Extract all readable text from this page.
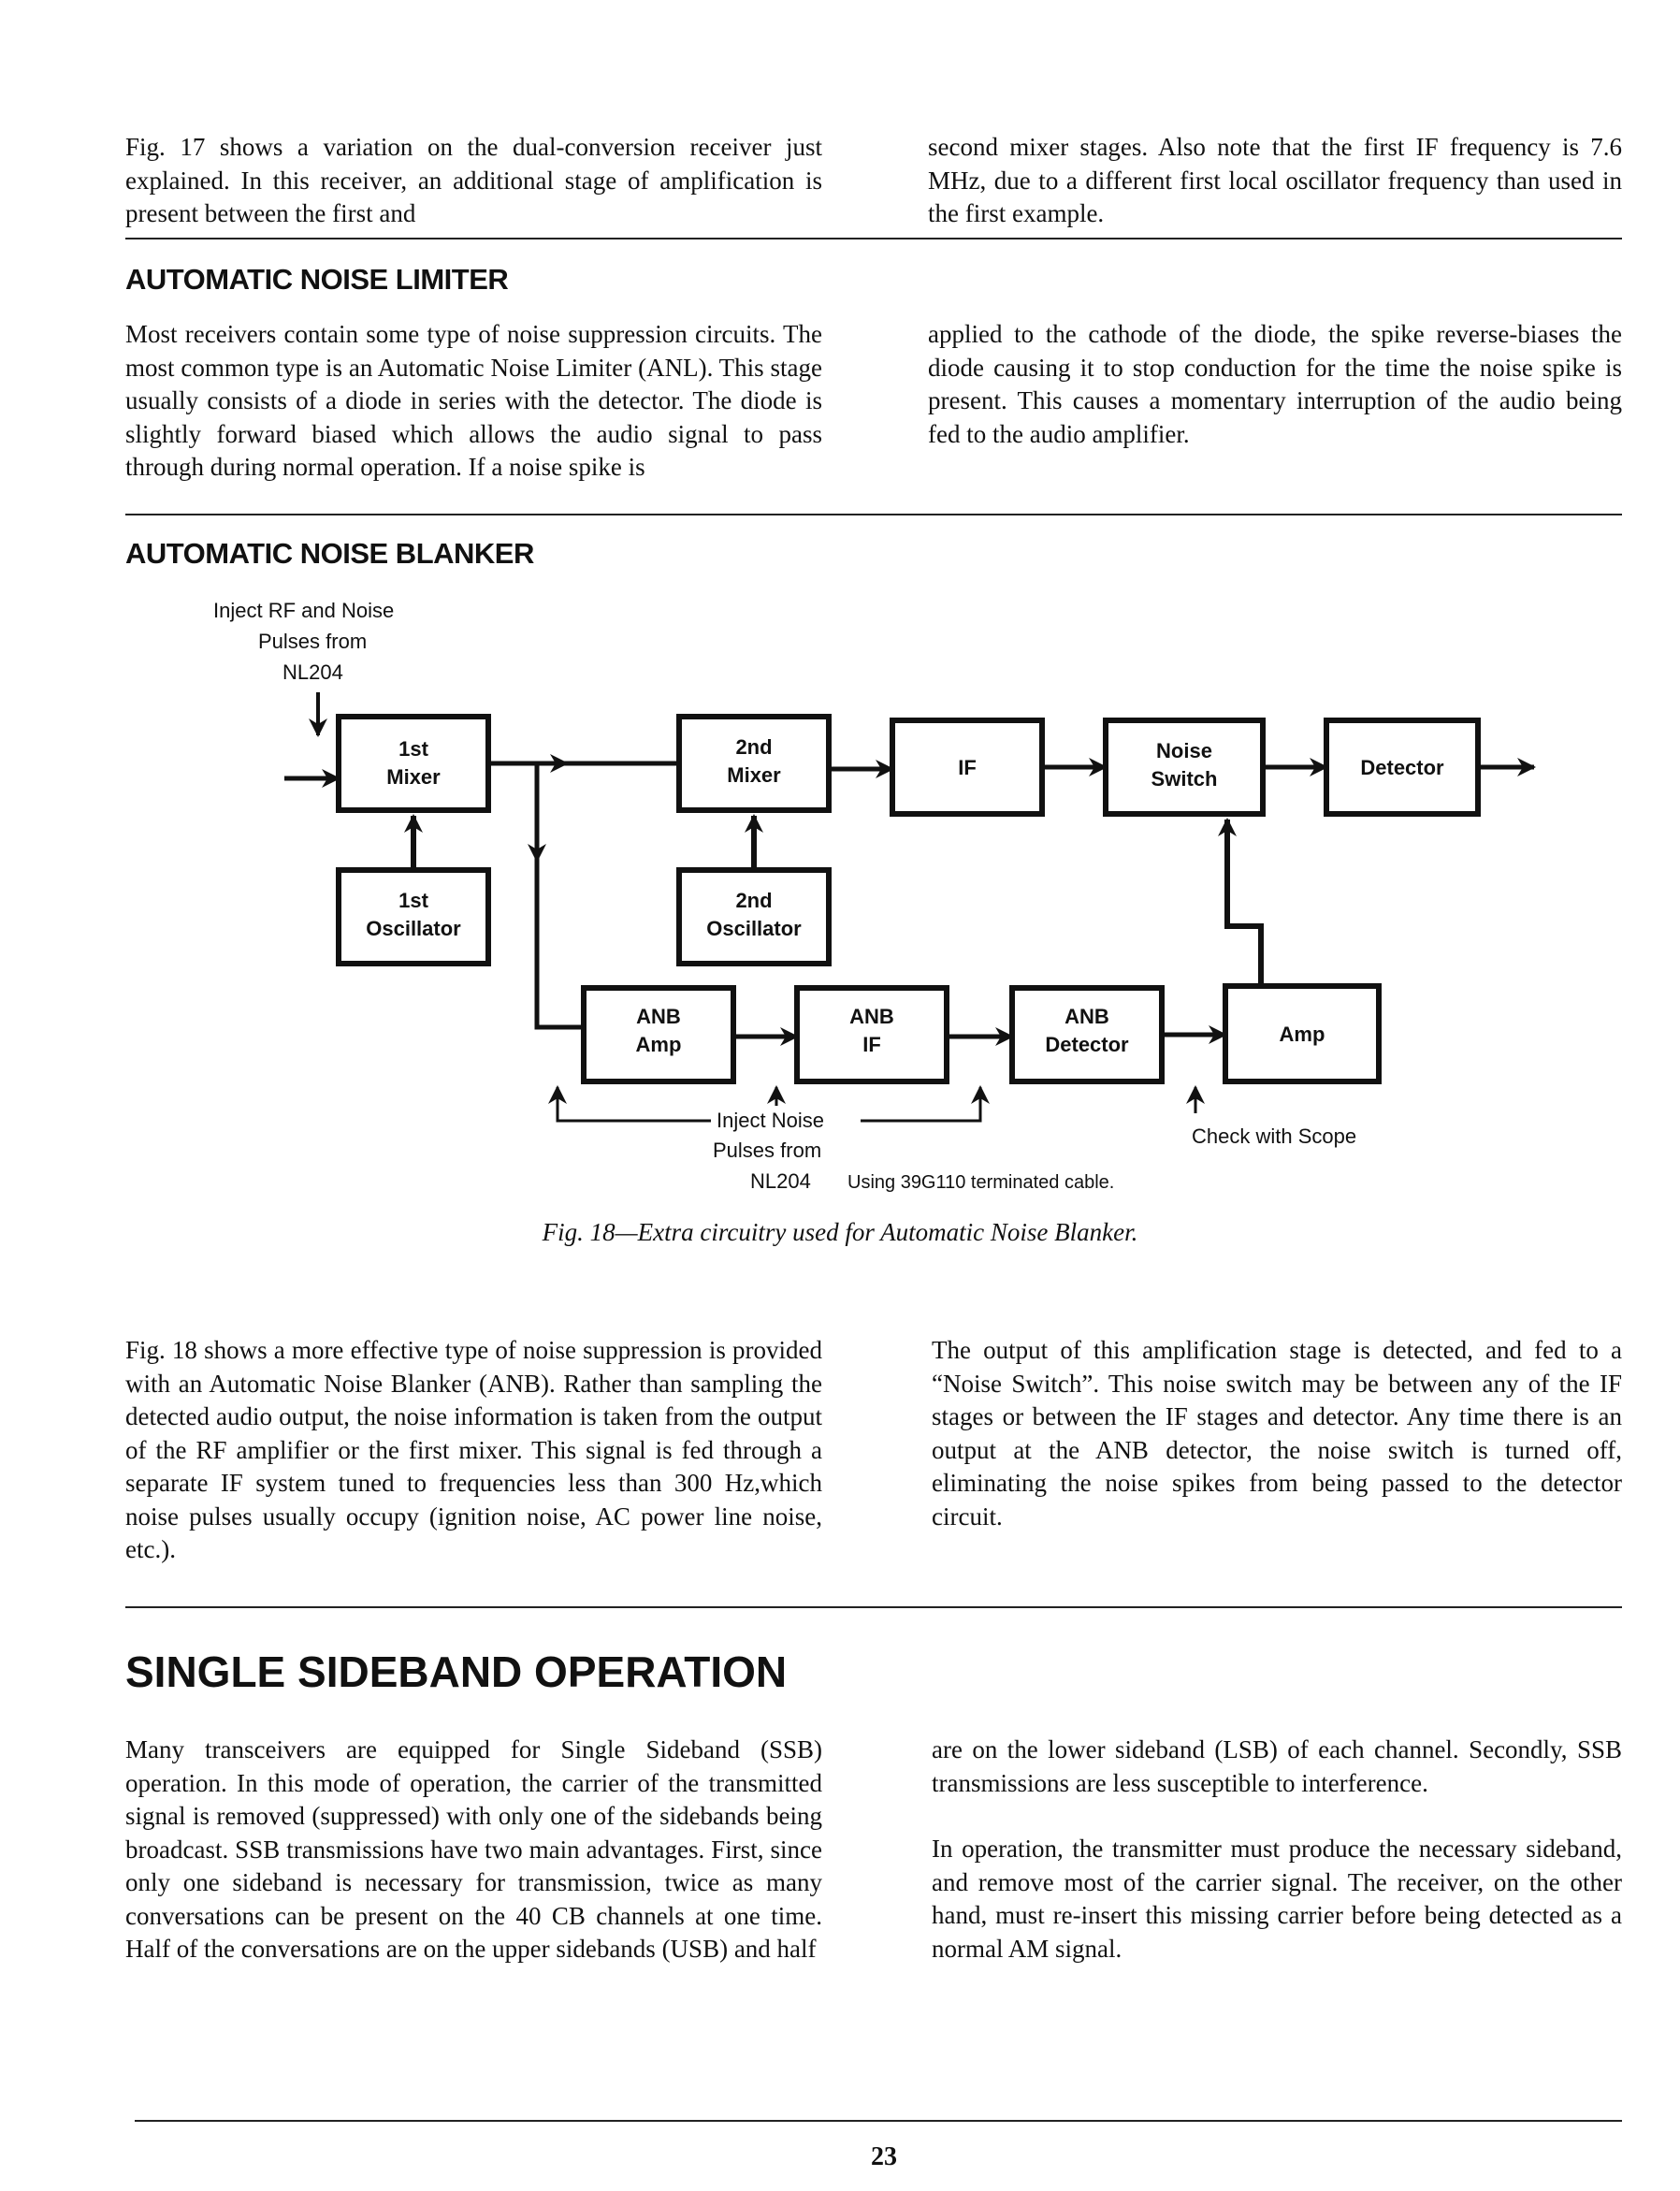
Fig. 17 shows a variation on the dual-conversion receiver just explained. In this receiver, an additional stage of amplification is present between the first and

second mixer stages. Also note that the first IF frequency is 7.6 MHz, due to a different first local oscillator frequency than used in the first example.

AUTOMATIC NOISE LIMITER

Most receivers contain some type of noise suppression circuits. The most common type is an Automatic Noise Limiter (ANL). This stage usually consists of a diode in series with the detector. The diode is slightly forward biased which allows the audio signal to pass through during normal operation. If a noise spike is

applied to the cathode of the diode, the spike reverse-biases the diode causing it to stop conduction for the time the noise spike is present. This causes a momentary interruption of the audio being fed to the audio amplifier.

AUTOMATIC NOISE BLANKER
Inject RF and Noise
Pulses from
NL204
1st
Mixer
1st
Oscillator
2nd
Mixer
2nd
Oscillator
IF
Noise
Switch	Detector
ANB
Amp
ANB
IF
ANB
Detector	Amp
Inject Noise
Pulses from
NL204 Using 39G110 terminated cable.
Check with Scope
Fig. 18—Extra circuitry used for Automatic Noise Blanker.

Fig. 18 shows a more effective type of noise suppression is provided with an Automatic Noise Blanker (ANB). Rather than sampling the detected audio output, the noise information is taken from the output of the RF amplifier or the first mixer. This signal is fed through a separate IF system tuned to frequencies less than 300 Hz,which noise pulses usually occupy (ignition noise, AC power line noise, etc.).

The output of this amplification stage is detected, and fed to a “Noise Switch”. This noise switch may be between any of the IF stages or between the IF stages and detector. Any time there is an output at the ANB detector, the noise switch is turned off, eliminating the noise spikes from being passed to the detector circuit.

SINGLE SIDEBAND OPERATION

Many transceivers are equipped for Single Sideband (SSB) operation. In this mode of operation, the carrier of the transmitted signal is removed (suppressed) with only one of the sidebands being broadcast. SSB transmissions have two main advantages. First, since only one sideband is necessary for transmission, twice as many conversations can be present on the 40 CB channels at one time. Half of the conversations are on the upper sidebands (USB) and half

are on the lower sideband (LSB) of each channel. Secondly, SSB transmissions are less susceptible to interference.

In operation, the transmitter must produce the necessary sideband, and remove most of the carrier signal. The receiver, on the other hand, must re-insert this missing carrier before being detected as a normal AM signal.

23
